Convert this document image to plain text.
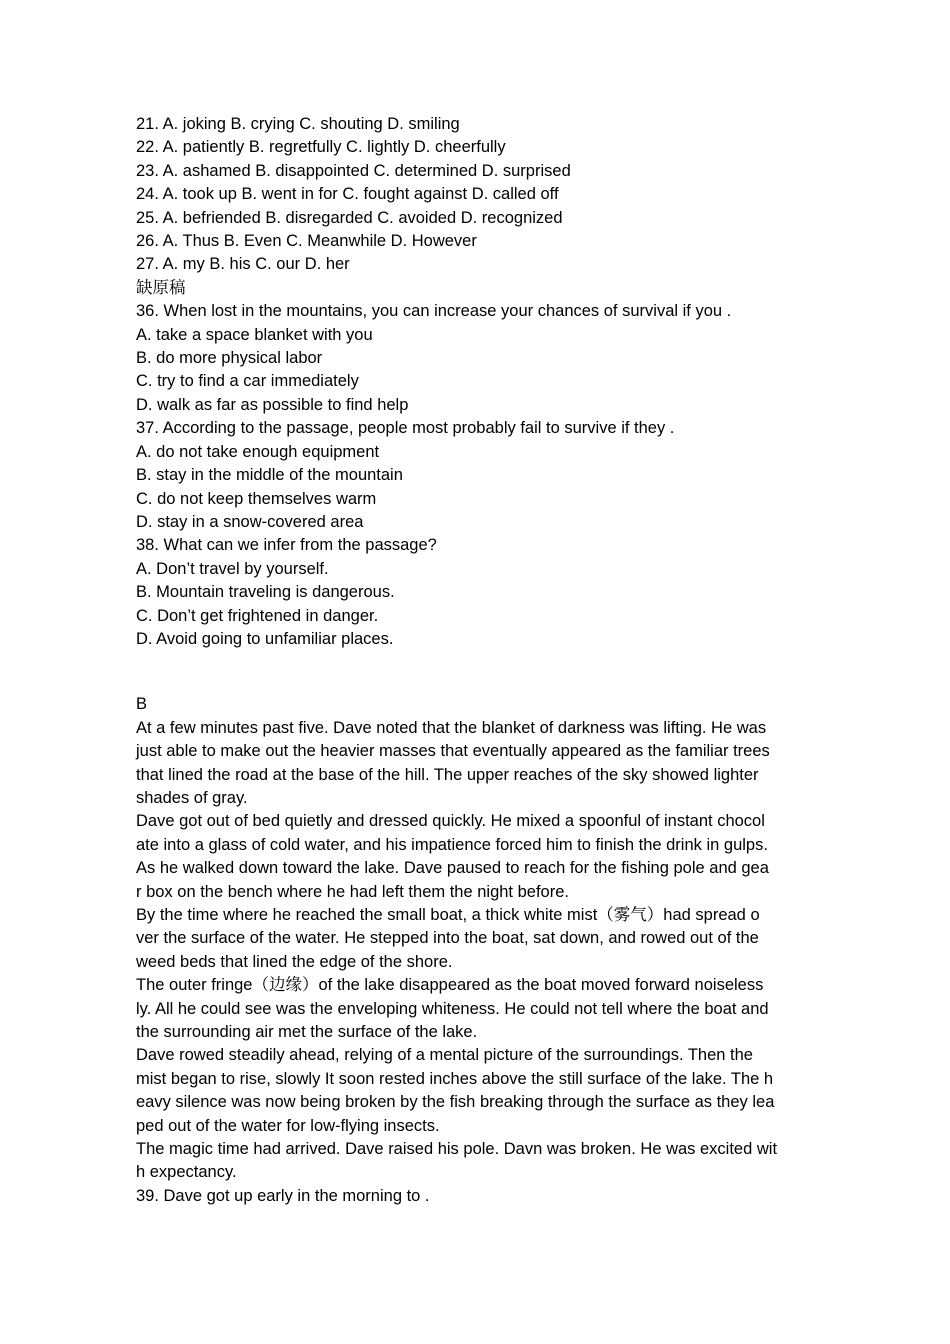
21. A. joking B. crying C. shouting D. smiling

22. A. patiently B. regretfully C. lightly D. cheerfully

23. A. ashamed B. disappointed C. determined D. surprised

24. A. took up B. went in for C. fought against D. called off

25. A. befriended B. disregarded C. avoided D. recognized

26. A. Thus B. Even C. Meanwhile D. However

27. A. my B. his C. our D. her

缺原稿

36. When lost in the mountains, you can increase your chances of survival if you .

A. take a space blanket with you

B. do more physical labor

C. try to find a car immediately

D. walk as far as possible to find help

37. According to the passage, people most probably fail to survive if they .

A. do not take enough equipment

B. stay in the middle of the mountain

C. do not keep themselves warm

D. stay in a snow-covered area

38. What can we infer from the passage?

A. Don’t travel by yourself.

B. Mountain traveling is dangerous.

C. Don’t get frightened in danger.

D. Avoid going to unfamiliar places.

B

At a few minutes past five. Dave noted that the blanket of darkness was lifting. He was

just able to make out the heavier masses that eventually appeared as the familiar trees

that lined the road at the base of the hill. The upper reaches of the sky showed lighter

shades of gray.

Dave got out of bed quietly and dressed quickly. He mixed a spoonful of instant chocol

ate into a glass of cold water, and his impatience forced him to finish the drink in gulps.

As he walked down toward the lake. Dave paused to reach for the fishing pole and gea

r box on the bench where he had left them the night before.

By the time where he reached the small boat, a thick white mist（雾气）had spread o

ver the surface of the water. He stepped into the boat, sat down, and rowed out of the

weed beds that lined the edge of the shore.

The outer fringe（边缘）of the lake disappeared as the boat moved forward noiseless

ly. All he could see was the enveloping whiteness. He could not tell where the boat and

the surrounding air met the surface of the lake.

Dave rowed steadily ahead, relying of a mental picture of the surroundings. Then the

mist began to rise, slowly It soon rested inches above the still surface of the lake. The h

eavy silence was now being broken by the fish breaking through the surface as they lea

ped out of the water for low-flying insects.

The magic time had arrived. Dave raised his pole. Davn was broken. He was excited wit

h expectancy.

39. Dave got up early in the morning to .
